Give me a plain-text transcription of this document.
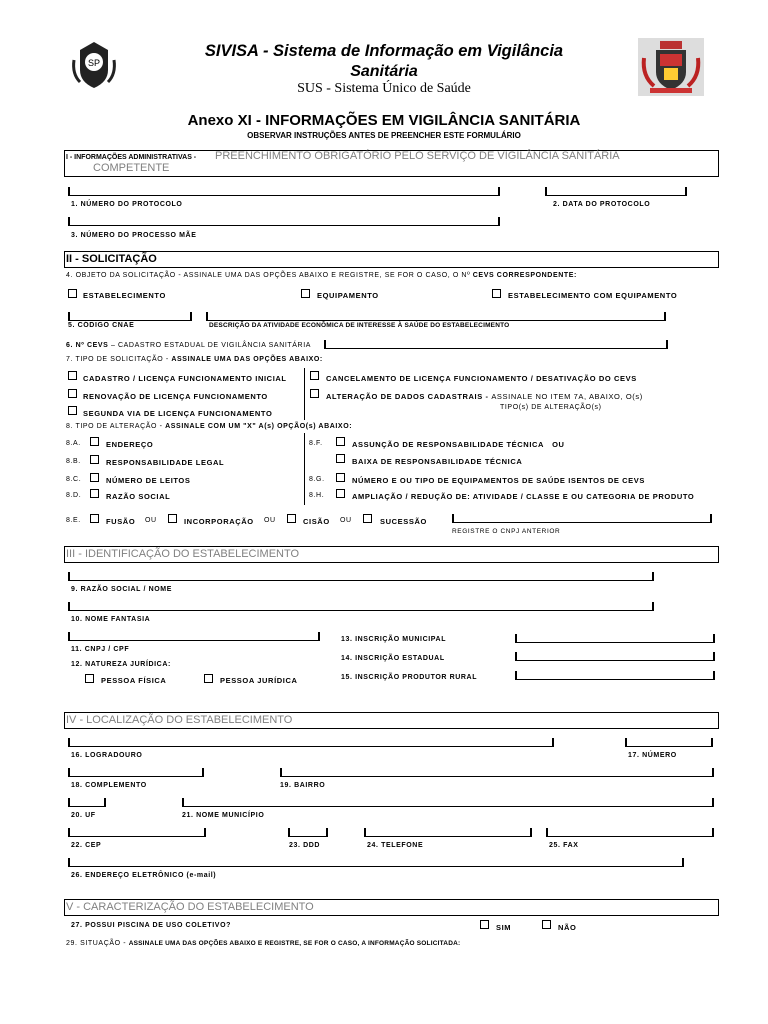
SP
SIVISA - Sistema de Informação em Vigilância
Sanitária
SUS - Sistema Único de Saúde
Anexo XI - INFORMAÇÕES EM VIGILÂNCIA SANITÁRIA
OBSERVAR INSTRUÇÕES ANTES DE PREENCHER ESTE FORMULÁRIO
I - INFORMAÇÕES ADMINISTRATIVAS - PREENCHIMENTO OBRIGATÓRIO PELO SERVIÇO DE VIGILÂNCIA SANITÁRIA
COMPETENTE
1. NÚMERO DO PROTOCOLO	2. DATA DO PROTOCOLO
3. NÚMERO DO PROCESSO MÃE
II - SOLICITAÇÃO
4. OBJETO DA SOLICITAÇÃO - ASSINALE UMA DAS OPÇÕES ABAIXO E REGISTRE, SE FOR O CASO, O Nº CEVS CORRESPONDENTE:
ESTABELECIMENTO	EQUIPAMENTO	ESTABELECIMENTO COM EQUIPAMENTO
5. CÓDIGO CNAE	DESCRIÇÃO DA ATIVIDADE ECONÔMICA DE INTERESSE À SAÚDE DO ESTABELECIMENTO
6. Nº CEVS – CADASTRO ESTADUAL DE VIGILÂNCIA SANITÁRIA
7. TIPO DE SOLICITAÇÃO - ASSINALE UMA DAS OPÇÕES ABAIXO:
CADASTRO / LICENÇA FUNCIONAMENTO INICIAL	CANCELAMENTO DE LICENÇA FUNCIONAMENTO / DESATIVAÇÃO DO CEVS
RENOVAÇÃO DE LICENÇA FUNCIONAMENTO	ALTERAÇÃO DE DADOS CADASTRAIS - ASSINALE NO ITEM 7A, ABAIXO, O(s)
TIPO(s) DE ALTERAÇÃO(s)
SEGUNDA VIA DE LICENÇA FUNCIONAMENTO
8. TIPO DE ALTERAÇÃO - ASSINALE COM UM "X" A(s) OPÇÃO(s) ABAIXO:
8.A.	ENDEREÇO
8.B.	RESPONSABILIDADE LEGAL
8.C.	NÚMERO DE LEITOS
8.D.	RAZÃO SOCIAL
8.F.	ASSUNÇÃO DE RESPONSABILIDADE TÉCNICA OU
BAIXA DE RESPONSABILIDADE TÉCNICA
8.G.	NÚMERO E OU TIPO DE EQUIPAMENTOS DE SAÚDE ISENTOS DE CEVS
8.H.	AMPLIAÇÃO / REDUÇÃO DE: ATIVIDADE / CLASSE E OU CATEGORIA DE PRODUTO
8.E.	FUSÃO OU	INCORPORAÇÃO OU	CISÃO OU	SUCESSÃO
REGISTRE O CNPJ ANTERIOR
III - IDENTIFICAÇÃO DO ESTABELECIMENTO
9. RAZÃO SOCIAL / NOME
10. NOME FANTASIA
11. CNPJ / CPF
12. NATUREZA JURÍDICA:
PESSOA FÍSICA	PESSOA JURÍDICA
13. INSCRIÇÃO MUNICIPAL
14. INSCRIÇÃO ESTADUAL
15. INSCRIÇÃO PRODUTOR RURAL
IV - LOCALIZAÇÃO DO ESTABELECIMENTO
16. LOGRADOURO	17. NÚMERO
18. COMPLEMENTO	19. BAIRRO
20. UF	21. NOME MUNICÍPIO
22. CEP	23. DDD	24. TELEFONE	25. FAX
26. ENDEREÇO ELETRÔNICO (e-mail)
V - CARACTERIZAÇÃO DO ESTABELECIMENTO
27. POSSUI PISCINA DE USO COLETIVO?	SIM	NÃO
29. SITUAÇÃO - ASSINALE UMA DAS OPÇÕES ABAIXO E REGISTRE, SE FOR O CASO, A INFORMAÇÃO SOLICITADA:
